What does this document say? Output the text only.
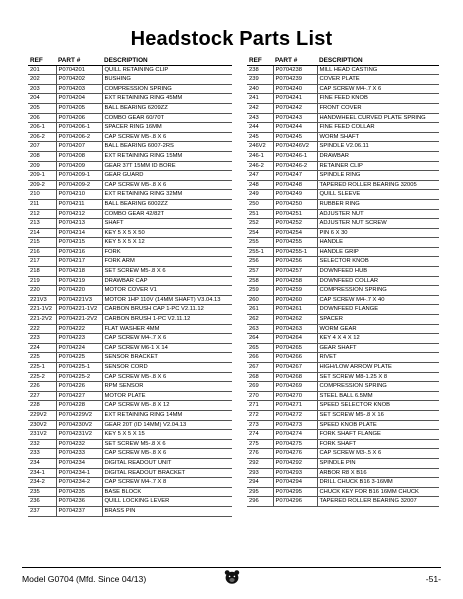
Headstock Parts List
REF	PART #	DESCRIPTION
201	P0704201	QUILL RETAINING CLIP
202	P0704202	BUSHING
203	P0704203	COMPRESSION SPRING
204	P0704204	EXT RETAINING RING 45MM
205	P0704205	BALL BEARING 6209ZZ
206	P0704206	COMBO GEAR 60/70T
206-1	P0704206-1	SPACER RING 16MM
206-2	P0704206-2	CAP SCREW M5-.8 X 6
207	P0704207	BALL BEARING 6007-2RS
208	P0704208	EXT RETAINING RING 15MM
209	P0704209	GEAR 37T 15MM ID BORE
209-1	P0704209-1	GEAR GUARD
209-2	P0704209-2	CAP SCREW M5-.8 X 6
210	P0704210	EXT RETAINING RING 32MM
211	P0704211	BALL BEARING 6002ZZ
212	P0704212	COMBO GEAR 42/82T
213	P0704213	SHAFT
214	P0704214	KEY 5 X 5 X 50
215	P0704215	KEY 5 X 5 X 12
216	P0704216	FORK
217	P0704217	FORK ARM
218	P0704218	SET SCREW M5-.8 X 6
219	P0704219	DRAWBAR CAP
220	P0704220	MOTOR COVER V1
221V3	P0704221V3	MOTOR 1HP 110V (14MM SHAFT) V3.04.13
221-1V2	P0704221-1V2	CARBON BRUSH CAP 1-PC V2.11.12
221-2V2	P0704221-2V2	CARBON BRUSH 1-PC V2.11.12
222	P0704222	FLAT WASHER 4MM
223	P0704223	CAP SCREW M4-.7 X 6
224	P0704224	CAP SCREW M6-1 X 14
225	P0704225	SENSOR BRACKET
225-1	P0704225-1	SENSOR CORD
225-2	P0704225-2	CAP SCREW M5-.8 X 6
226	P0704226	RPM SENSOR
227	P0704227	MOTOR PLATE
228	P0704228	CAP SCREW M5-.8 X 12
229V2	P0704229V2	EXT RETAINING RING 14MM
230V2	P0704230V2	GEAR 20T (ID 14MM) V2.04.13
231V2	P0704231V2	KEY 5 X 5 X 15
232	P0704232	SET SCREW M5-.8 X 6
233	P0704233	CAP SCREW M5-.8 X 6
234	P0704234	DIGITAL READOUT UNIT
234-1	P0704234-1	DIGITAL READOUT BRACKET
234-2	P0704234-2	CAP SCREW M4-.7 X 8
235	P0704235	BASE BLOCK
236	P0704236	QUILL LOCKING LEVER
237	P0704237	BRASS PIN
REF	PART #	DESCRIPTION
238	P0704238	MILL HEAD CASTING
239	P0704239	COVER PLATE
240	P0704240	CAP SCREW M4-.7 X 6
241	P0704241	FINE FEED KNOB
242	P0704242	FRONT COVER
243	P0704243	HANDWHEEL CURVED PLATE SPRING
244	P0704244	FINE FEED COLLAR
245	P0704245	WORM SHAFT
246V2	P0704246V2	SPINDLE V2.06.11
246-1	P0704246-1	DRAWBAR
246-2	P0704246-2	RETAINER CLIP
247	P0704247	SPINDLE RING
248	P0704248	TAPERED ROLLER BEARING 32005
249	P0704249	QUILL SLEEVE
250	P0704250	RUBBER RING
251	P0704251	ADJUSTER NUT
252	P0704252	ADJUSTER NUT SCREW
254	P0704254	PIN 6 X 30
255	P0704255	HANDLE
255-1	P0704255-1	HANDLE GRIP
256	P0704256	SELECTOR KNOB
257	P0704257	DOWNFEED HUB
258	P0704258	DOWNFEED COLLAR
259	P0704259	COMPRESSION SPRING
260	P0704260	CAP SCREW M4-.7 X 40
261	P0704261	DOWNFEED FLANGE
262	P0704262	SPACER
263	P0704263	WORM GEAR
264	P0704264	KEY 4 X 4 X 12
265	P0704265	GEAR SHAFT
266	P0704266	RIVET
267	P0704267	HIGH/LOW ARROW PLATE
268	P0704268	SET SCREW M8-1.25 X 8
269	P0704269	COMPRESSION SPRING
270	P0704270	STEEL BALL 6.5MM
271	P0704271	SPEED SELECTOR KNOB
272	P0704272	SET SCREW M5-.8 X 16
273	P0704273	SPEED KNOB PLATE
274	P0704274	FORK SHAFT FLANGE
275	P0704275	FORK SHAFT
276	P0704276	CAP SCREW M3-.5 X 6
292	P0704292	SPINDLE PIN
293	P0704293	ARBOR R8 X B16
294	P0704294	DRILL CHUCK B16 3-16MM
295	P0704295	CHUCK KEY FOR B16 16MM CHUCK
296	P0704296	TAPERED ROLLER BEARING 32007
Model G0704 (Mfd. Since 04/13)	-51-
